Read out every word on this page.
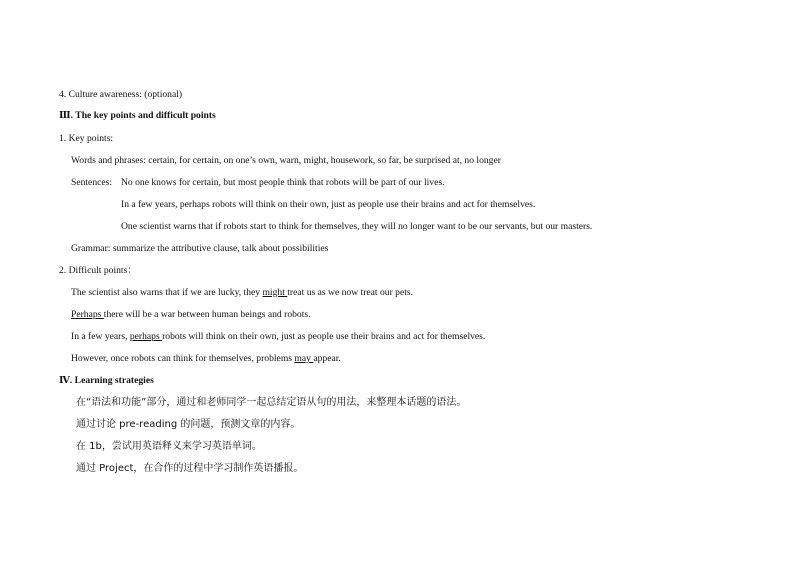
4. Culture awareness: (optional)
Ⅲ. The key points and difficult points
1. Key points:
Words and phrases: certain, for certain, on one’s own, warn, might, housework, so far, be surprised at, no longer
Sentences: No one knows for certain, but most people think that robots will be part of our lives.
In a few years, perhaps robots will think on their own, just as people use their brains and act for themselves.
One scientist warns that if robots start to think for themselves, they will no longer want to be our servants, but our masters.
Grammar: summarize the attributive clause, talk about possibilities
2. Difficult points：
The scientist also warns that if we are lucky, they might treat us as we now treat our pets.
Perhaps there will be a war between human beings and robots.
In a few years, perhaps robots will think on their own, just as people use their brains and act for themselves.
However, once robots can think for themselves, problems may appear.
Ⅳ. Learning strategies
在“语法和功能”部分，通过和老师同学一起总结定语从句的用法，来整理本话题的语法。
通过讨论 pre-reading 的问题，预测文章的内容。
在 1b，尝试用英语释义来学习英语单词。
通过 Project，在合作的过程中学习制作英语播报。
